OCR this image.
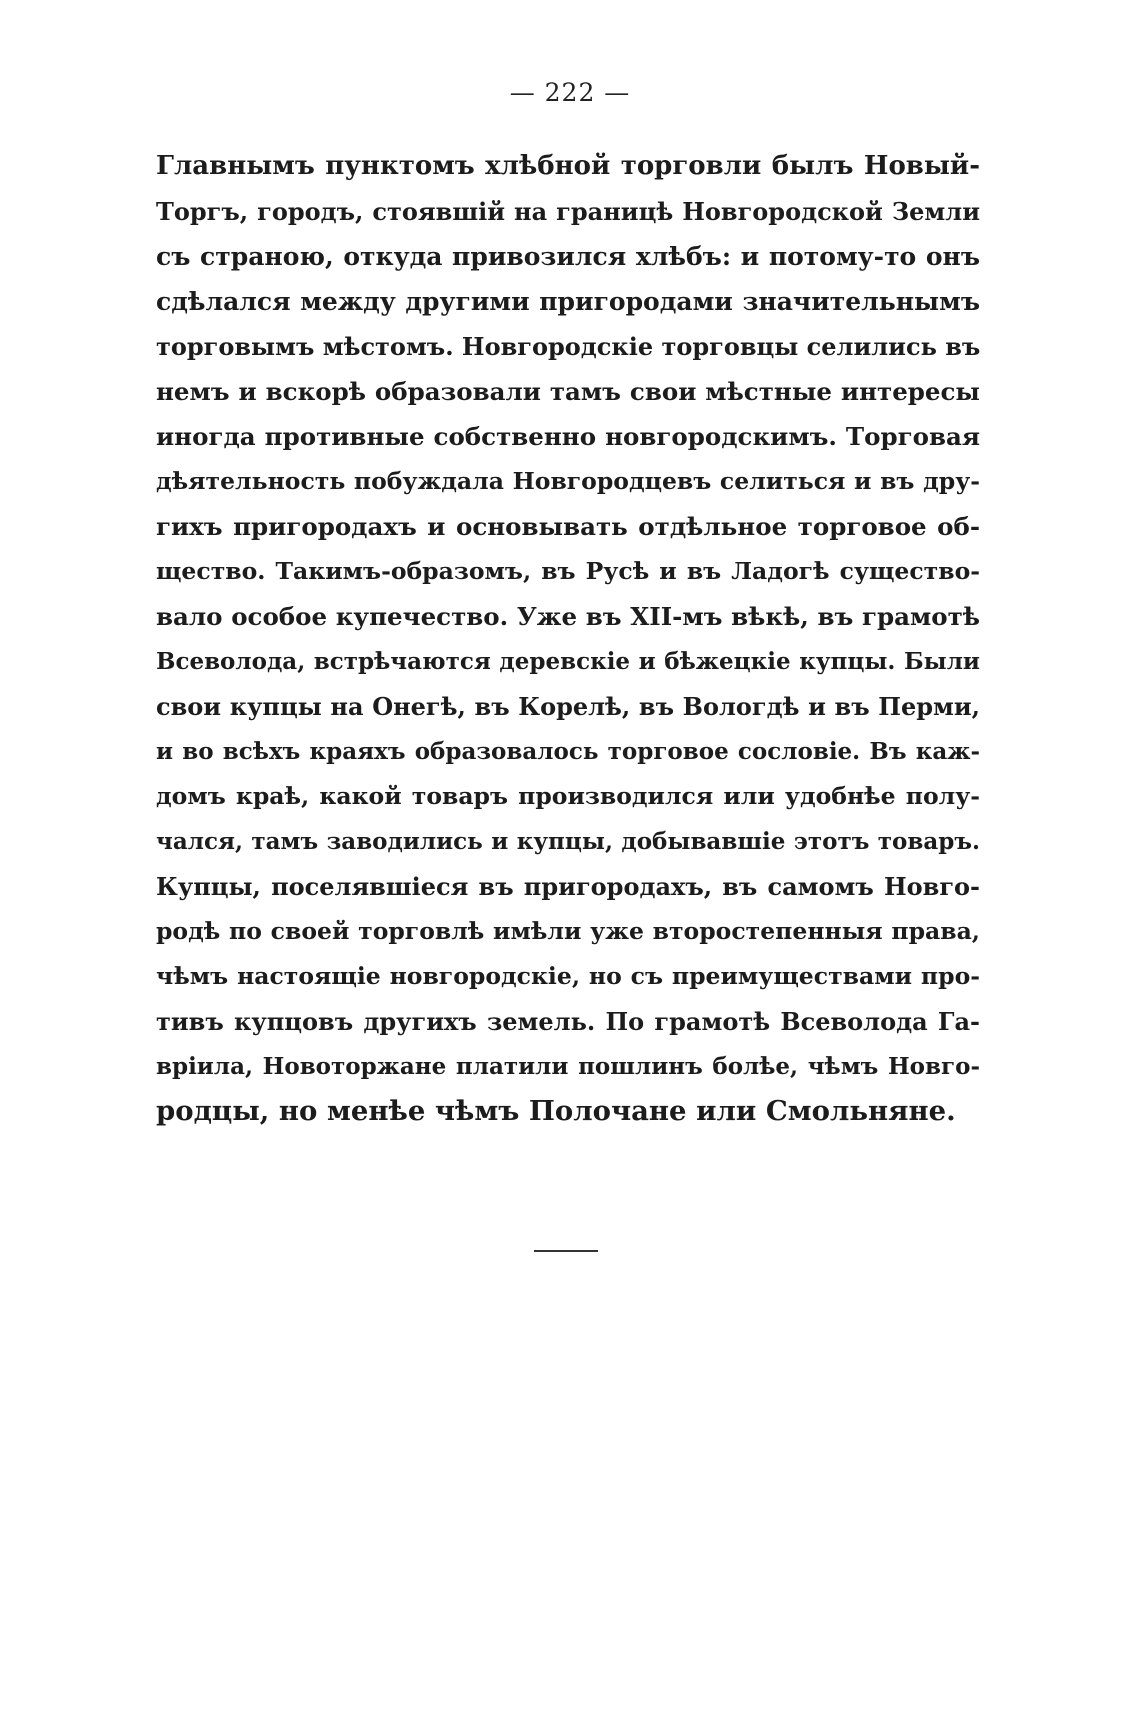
— 222 —
Главнымъ пунктомъ хлѣбной торговли былъ Новый-
Торгъ, городъ, стоявшій на границѣ Новгородской Земли
съ страною, откуда привозился хлѣбъ: и потому-то онъ
сдѣлался между другими пригородами значительнымъ
торговымъ мѣстомъ. Новгородскіе торговцы селились въ
немъ и вскорѣ образовали тамъ свои мѣстные интересы
иногда противные собственно новгородскимъ. Торговая
дѣятельность побуждала Новгородцевъ селиться и въ дру-
гихъ пригородахъ и основывать отдѣльное торговое об-
щество. Такимъ-образомъ, въ Русѣ и въ Ладогѣ существо-
вало особое купечество. Уже въ XII-мъ вѣкѣ, въ грамотѣ
Всеволода, встрѣчаются деревскіе и бѣжецкіе купцы. Были
свои купцы на Онегѣ, въ Корелѣ, въ Вологдѣ и въ Перми,
и во всѣхъ краяхъ образовалось торговое сословіе. Въ каж-
домъ краѣ, какой товаръ производился или удобнѣе полу-
чался, тамъ заводились и купцы, добывавшіе этотъ товаръ.
Купцы, поселявшіеся въ пригородахъ, въ самомъ Новго-
родѣ по своей торговлѣ имѣли уже второстепенныя права,
чѣмъ настоящіе новгородскіе, но съ преимуществами про-
тивъ купцовъ другихъ земель. По грамотѣ Всеволода Га-
вріила, Новоторжане платили пошлинъ болѣе, чѣмъ Новго-
родцы, но менѣе чѣмъ Полочане или Смольняне.
